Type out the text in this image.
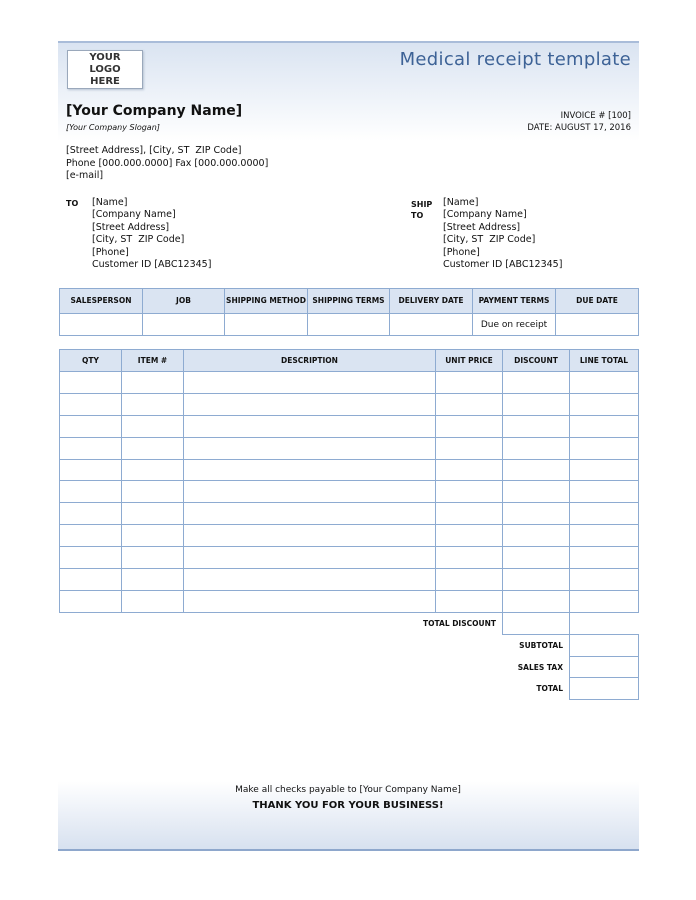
YOUR LOGO HERE
Medical receipt template
[Your Company Name]
[Your Company Slogan]
[Street Address], [City, ST  ZIP Code]
Phone [000.000.0000] Fax [000.000.0000]
[e-mail]
INVOICE # [100]
DATE: AUGUST 17, 2016
TO [Name]
[Company Name]
[Street Address]
[City, ST  ZIP Code]
[Phone]
Customer ID [ABC12345]
SHIP
TO
[Name]
[Company Name]
[Street Address]
[City, ST  ZIP Code]
[Phone]
Customer ID [ABC12345]
SALESPERSON	JOB	SHIPPING METHOD	SHIPPING TERMS	DELIVERY DATE	PAYMENT TERMS	DUE DATE
					Due on receipt	
QTY	ITEM #	DESCRIPTION	UNIT PRICE	DISCOUNT	LINE TOTAL

TOTAL DISCOUNT					
SUBTOTAL					
SALES TAX					
TOTAL					
Make all checks payable to [Your Company Name]
THANK YOU FOR YOUR BUSINESS!
